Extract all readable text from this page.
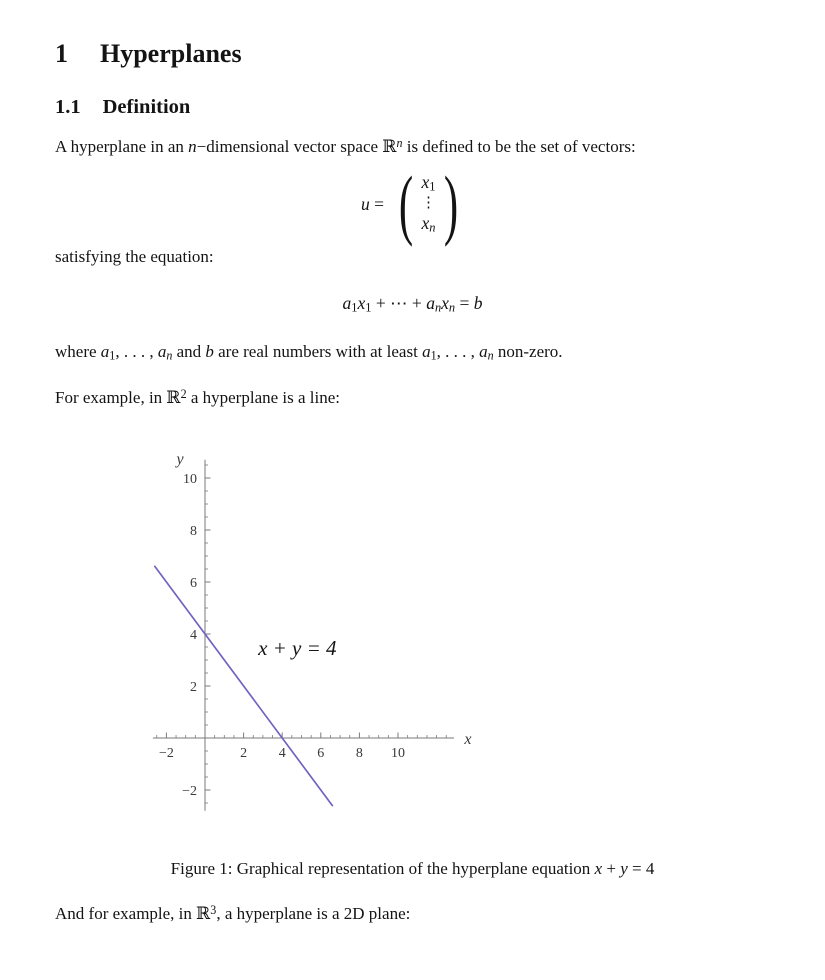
1 Hyperplanes
1.1 Definition

A hyperplane in an n−dimensional vector space ℝ$^n$ is defined to be the set of vectors:

u = ( x1
⋮
xn )

satisfying the equation:

a1x1 + ⋯ + anxn = b

where a1, . . . , an and b are real numbers with at least a1, . . . , an non-zero.

For example, in ℝ$^2$ a hyperplane is a line:

−2	2 4 6 8 10
−2
2
4
6
8
10
x
y
x + y = 4
Figure 1: Graphical representation of the hyperplane equation x + y = 4

And for example, in ℝ$^3$, a hyperplane is a 2D plane:
